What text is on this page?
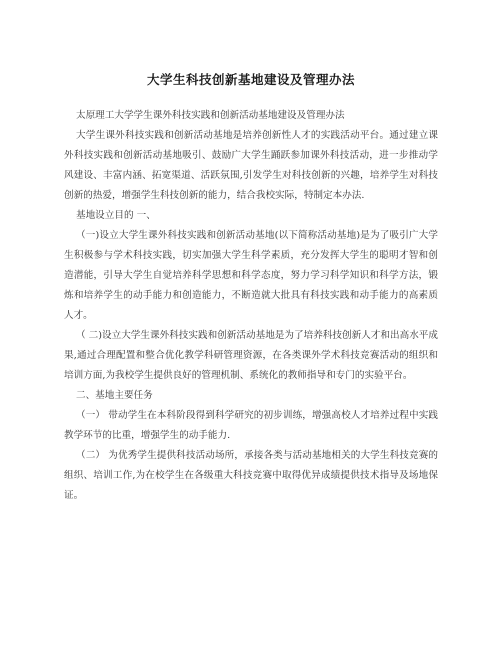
大学生科技创新基地建设及管理办法

太原理工大学学生课外科技实践和创新活动基地建设及管理办法

大学生课外科技实践和创新活动基地是培养创新性人才的实践活动平台。通过建立课外科技实践和创新活动基地吸引、鼓励广大学生踊跃参加课外科技活动，进一步推动学风建设、丰富内涵、拓宽渠道、活跃氛围,引发学生对科技创新的兴趣，培养学生对科技创新的热爱，增强学生科技创新的能力，结合我校实际，特制定本办法.

基地设立目的 一、

（一)设立大学生课外科技实践和创新活动基地(以下简称活动基地)是为了吸引广大学生积极参与学术科技实践，切实加强大学生科学素质，充分发挥大学生的聪明才智和创造潜能，引导大学生自觉培养科学思想和科学态度，努力学习科学知识和科学方法，锻炼和培养学生的动手能力和创造能力，不断造就大批具有科技实践和动手能力的高素质人才。

（ 二)设立大学生课外科技实践和创新活动基地是为了培养科技创新人才和出高水平成果,通过合理配置和整合优化教学科研管理资源，在各类课外学术科技竞赛活动的组织和培训方面,为我校学生提供良好的管理机制、系统化的教师指导和专门的实验平台。

二、基地主要任务

（一） 带动学生在本科阶段得到科学研究的初步训练，增强高校人才培养过程中实践教学环节的比重，增强学生的动手能力.

（二） 为优秀学生提供科技活动场所，承接各类与活动基地相关的大学生科技竞赛的组织、培训工作,为在校学生在各级重大科技竞赛中取得优异成绩提供技术指导及场地保证。
